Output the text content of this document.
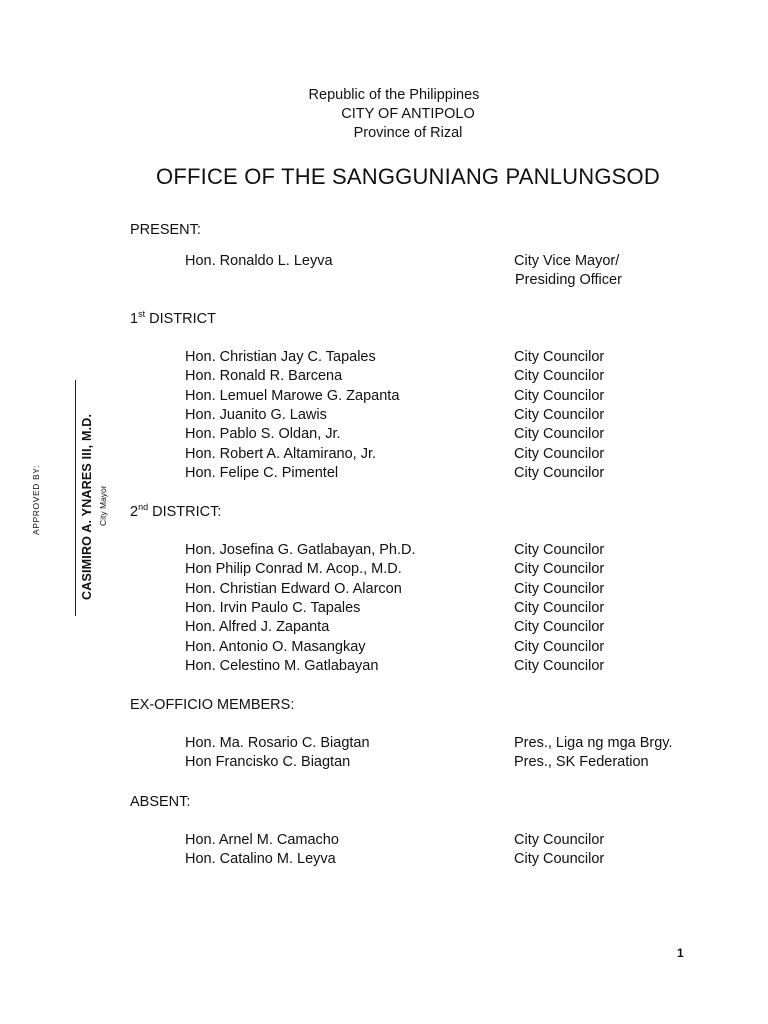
Republic of the Philippines
CITY OF ANTIPOLO
Province of Rizal
OFFICE OF THE SANGGUNIANG PANLUNGSOD
PRESENT:
Hon. Ronaldo L. Leyva	City Vice Mayor/
Presiding Officer
1st DISTRICT
Hon. Christian Jay C. Tapales	City Councilor
Hon. Ronald R. Barcena	City Councilor
Hon. Lemuel Marowe G. Zapanta	City Councilor
Hon. Juanito G. Lawis	City Councilor
Hon. Pablo S. Oldan, Jr.	City Councilor
Hon. Robert A. Altamirano, Jr.	City Councilor
Hon. Felipe C. Pimentel	City Councilor
2nd DISTRICT:
Hon. Josefina G. Gatlabayan, Ph.D.	City Councilor
Hon Philip Conrad M. Acop., M.D.	City Councilor
Hon. Christian Edward O. Alarcon	City Councilor
Hon. Irvin Paulo C. Tapales	City Councilor
Hon. Alfred J. Zapanta	City Councilor
Hon. Antonio O. Masangkay	City Councilor
Hon. Celestino M. Gatlabayan	City Councilor
EX-OFFICIO MEMBERS:
Hon. Ma. Rosario C. Biagtan	Pres., Liga ng mga Brgy.
Hon Francisko C. Biagtan	Pres., SK Federation
ABSENT:
Hon. Arnel M. Camacho	City Councilor
Hon. Catalino M. Leyva	City Councilor
APPROVED BY:	CASIMIRO A. YNARES III, M.D. City Mayor
1
